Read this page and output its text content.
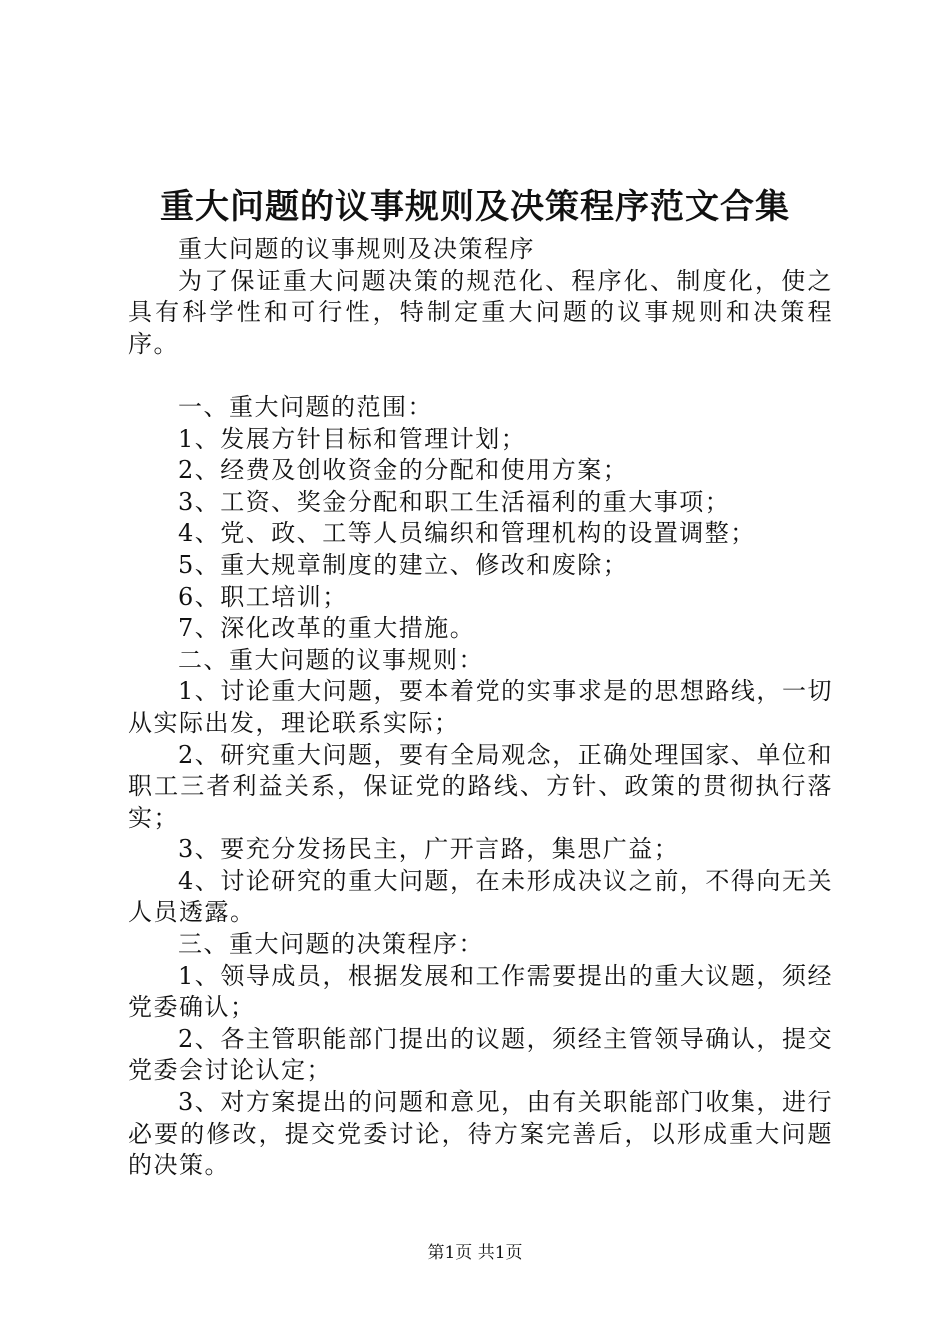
重大问题的议事规则及决策程序范文合集

重大问题的议事规则及决策程序

为了保证重大问题决策的规范化、程序化、制度化，使之具有科学性和可行性，特制定重大问题的议事规则和决策程序。

一、重大问题的范围：

1、发展方针目标和管理计划；

2、经费及创收资金的分配和使用方案；

3、工资、奖金分配和职工生活福利的重大事项；

4、党、政、工等人员编织和管理机构的设置调整；

5、重大规章制度的建立、修改和废除；

6、职工培训；

7、深化改革的重大措施。

二、重大问题的议事规则：

1、讨论重大问题，要本着党的实事求是的思想路线，一切从实际出发，理论联系实际；

2、研究重大问题，要有全局观念，正确处理国家、单位和职工三者利益关系，保证党的路线、方针、政策的贯彻执行落实；

3、要充分发扬民主，广开言路，集思广益；

4、讨论研究的重大问题，在未形成决议之前，不得向无关人员透露。

三、重大问题的决策程序：

1、领导成员，根据发展和工作需要提出的重大议题，须经党委确认；

2、各主管职能部门提出的议题，须经主管领导确认，提交党委会讨论认定；

3、对方案提出的问题和意见，由有关职能部门收集，进行必要的修改，提交党委讨论，待方案完善后，以形成重大问题的决策。

第1页 共1页
